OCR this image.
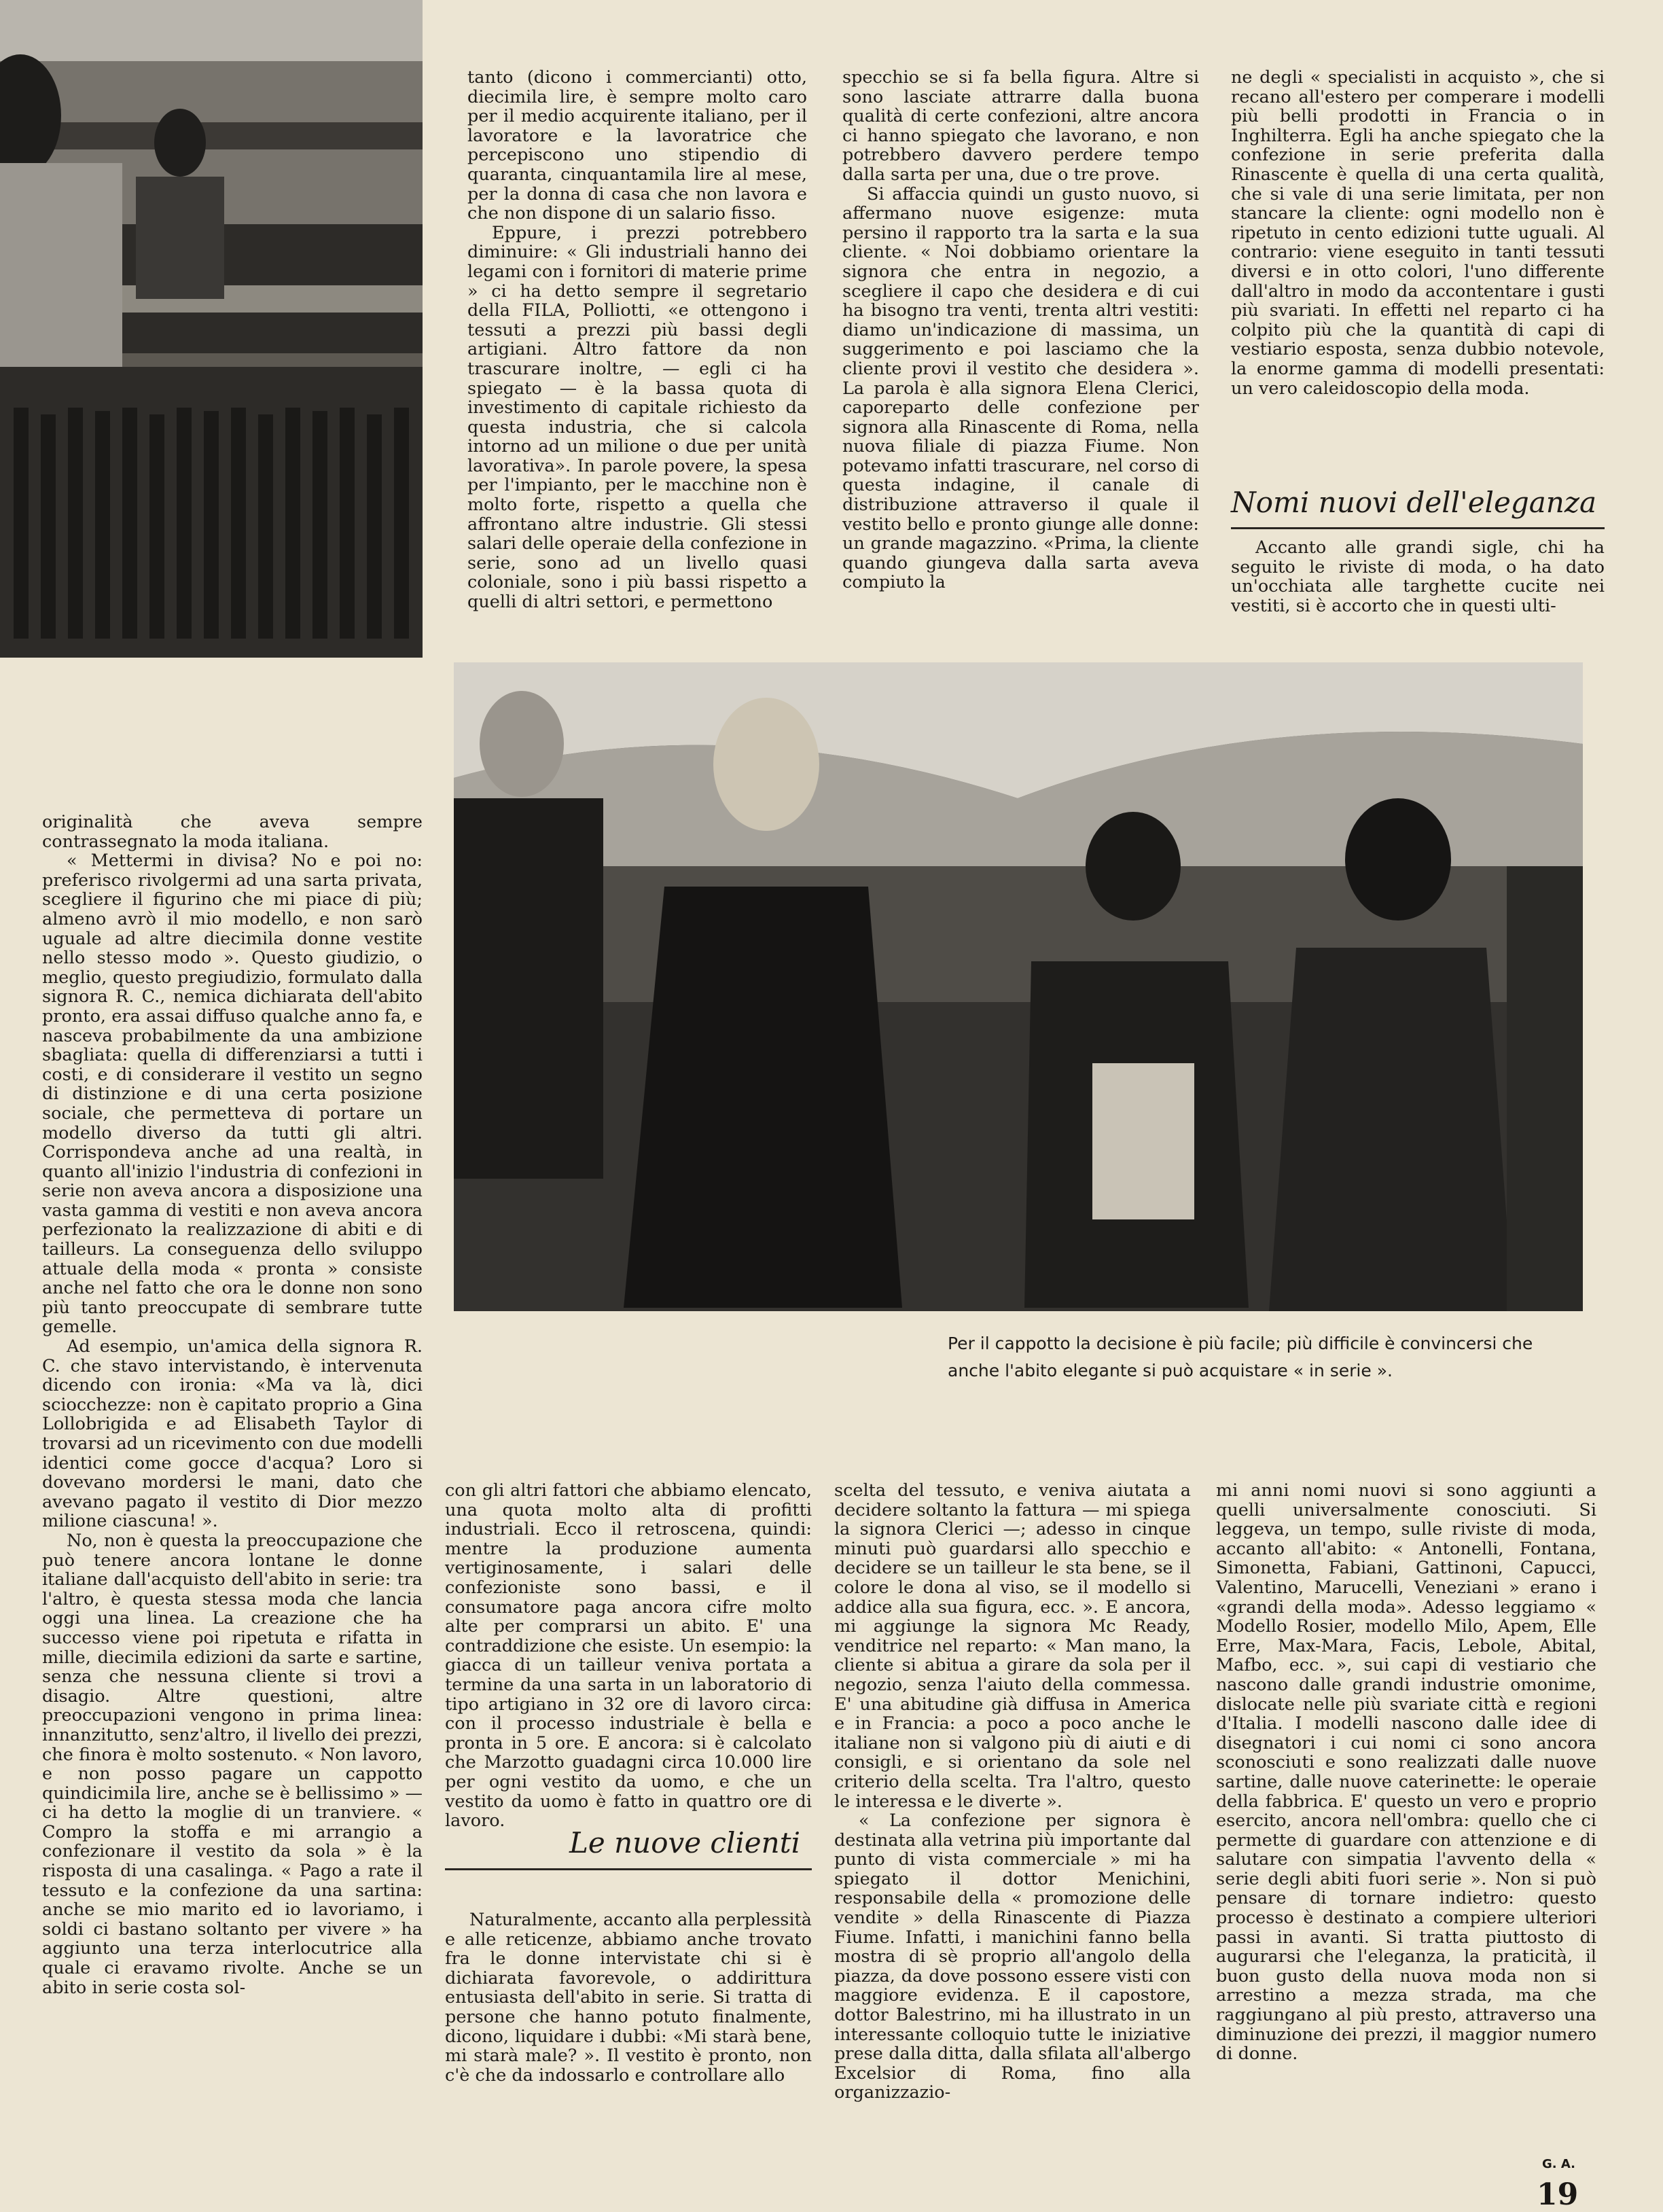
tanto (dicono i commercianti) otto, diecimila lire, è sempre molto caro per il medio acquirente italiano, per il lavoratore e la lavoratrice che percepiscono uno stipendio di quaranta, cinquantamila lire al mese, per la donna di casa che non lavora e che non dispone di un salario fisso.

Eppure, i prezzi potrebbero diminuire: « Gli industriali hanno dei legami con i fornitori di materie prime » ci ha detto sempre il segretario della FILA, Polliotti, «e ottengono i tessuti a prezzi più bassi degli artigiani. Altro fattore da non trascurare inoltre, — egli ci ha spiegato — è la bassa quota di investimento di capitale richiesto da questa industria, che si calcola intorno ad un milione o due per unità lavorativa». In parole povere, la spesa per l'impianto, per le macchine non è molto forte, rispetto a quella che affrontano altre industrie. Gli stessi salari delle operaie della confezione in serie, sono ad un livello quasi coloniale, sono i più bassi rispetto a quelli di altri settori, e permettono

specchio se si fa bella figura. Altre si sono lasciate attrarre dalla buona qualità di certe confezioni, altre ancora ci hanno spiegato che lavorano, e non potrebbero davvero perdere tempo dalla sarta per una, due o tre prove.

Si affaccia quindi un gusto nuovo, si affermano nuove esigenze: muta persino il rapporto tra la sarta e la sua cliente. « Noi dobbiamo orientare la signora che entra in negozio, a scegliere il capo che desidera e di cui ha bisogno tra venti, trenta altri vestiti: diamo un'indicazione di massima, un suggerimento e poi lasciamo che la cliente provi il vestito che desidera ». La parola è alla signora Elena Clerici, caporeparto delle confezione per signora alla Rinascente di Roma, nella nuova filiale di piazza Fiume. Non potevamo infatti trascurare, nel corso di questa indagine, il canale di distribuzione attraverso il quale il vestito bello e pronto giunge alle donne: un grande magazzino. «Prima, la cliente quando giungeva dalla sarta aveva compiuto la

ne degli « specialisti in acquisto », che si recano all'estero per comperare i modelli più belli prodotti in Francia o in Inghilterra. Egli ha anche spiegato che la confezione in serie preferita dalla Rinascente è quella di una certa qualità, che si vale di una serie limitata, per non stancare la cliente: ogni modello non è ripetuto in cento edizioni tutte uguali. Al contrario: viene eseguito in tanti tessuti diversi e in otto colori, l'uno differente dall'altro in modo da accontentare i gusti più svariati. In effetti nel reparto ci ha colpito più che la quantità di capi di vestiario esposta, senza dubbio notevole, la enorme gamma di modelli presentati: un vero caleidoscopio della moda.

Nomi nuovi dell'eleganza

Accanto alle grandi sigle, chi ha seguito le riviste di moda, o ha dato un'occhiata alle targhette cucite nei vestiti, si è accorto che in questi ulti-

Per il cappotto la decisione è più facile; più difficile è convincersi che anche l'abito elegante si può acquistare « in serie ».

originalità che aveva sempre contrassegnato la moda italiana.

« Mettermi in divisa? No e poi no: preferisco rivolgermi ad una sarta privata, scegliere il figurino che mi piace di più; almeno avrò il mio modello, e non sarò uguale ad altre diecimila donne vestite nello stesso modo ». Questo giudizio, o meglio, questo pregiudizio, formulato dalla signora R. C., nemica dichiarata dell'abito pronto, era assai diffuso qualche anno fa, e nasceva probabilmente da una ambizione sbagliata: quella di differenziarsi a tutti i costi, e di considerare il vestito un segno di distinzione e di una certa posizione sociale, che permetteva di portare un modello diverso da tutti gli altri. Corrispondeva anche ad una realtà, in quanto all'inizio l'industria di confezioni in serie non aveva ancora a disposizione una vasta gamma di vestiti e non aveva ancora perfezionato la realizzazione di abiti e di tailleurs. La conseguenza dello sviluppo attuale della moda « pronta » consiste anche nel fatto che ora le donne non sono più tanto preoccupate di sembrare tutte gemelle.

Ad esempio, un'amica della signora R. C. che stavo intervistando, è intervenuta dicendo con ironia: «Ma va là, dici sciocchezze: non è capitato proprio a Gina Lollobrigida e ad Elisabeth Taylor di trovarsi ad un ricevimento con due modelli identici come gocce d'acqua? Loro si dovevano mordersi le mani, dato che avevano pagato il vestito di Dior mezzo milione ciascuna! ».

No, non è questa la preoccupazione che può tenere ancora lontane le donne italiane dall'acquisto dell'abito in serie: tra l'altro, è questa stessa moda che lancia oggi una linea. La creazione che ha successo viene poi ripetuta e rifatta in mille, diecimila edizioni da sarte e sartine, senza che nessuna cliente si trovi a disagio. Altre questioni, altre preoccupazioni vengono in prima linea: innanzitutto, senz'altro, il livello dei prezzi, che finora è molto sostenuto. « Non lavoro, e non posso pagare un cappotto quindicimila lire, anche se è bellissimo » — ci ha detto la moglie di un tranviere. « Compro la stoffa e mi arrangio a confezionare il vestito da sola » è la risposta di una casalinga. « Pago a rate il tessuto e la confezione da una sartina: anche se mio marito ed io lavoriamo, i soldi ci bastano soltanto per vivere » ha aggiunto una terza interlocutrice alla quale ci eravamo rivolte. Anche se un abito in serie costa sol-

con gli altri fattori che abbiamo elencato, una quota molto alta di profitti industriali. Ecco il retroscena, quindi: mentre la produzione aumenta vertiginosamente, i salari delle confezioniste sono bassi, e il consumatore paga ancora cifre molto alte per comprarsi un abito. E' una contraddizione che esiste. Un esempio: la giacca di un tailleur veniva portata a termine da una sarta in un laboratorio di tipo artigiano in 32 ore di lavoro circa: con il processo industriale è bella e pronta in 5 ore. E ancora: si è calcolato che Marzotto guadagni circa 10.000 lire per ogni vestito da uomo, e che un vestito da uomo è fatto in quattro ore di lavoro.

Le nuove clienti

Naturalmente, accanto alla perplessità e alle reticenze, abbiamo anche trovato fra le donne intervistate chi si è dichiarata favorevole, o addirittura entusiasta dell'abito in serie. Si tratta di persone che hanno potuto finalmente, dicono, liquidare i dubbi: «Mi starà bene, mi starà male? ». Il vestito è pronto, non c'è che da indossarlo e controllare allo

scelta del tessuto, e veniva aiutata a decidere soltanto la fattura — mi spiega la signora Clerici —; adesso in cinque minuti può guardarsi allo specchio e decidere se un tailleur le sta bene, se il colore le dona al viso, se il modello si addice alla sua figura, ecc. ». E ancora, mi aggiunge la signora Mc Ready, venditrice nel reparto: « Man mano, la cliente si abitua a girare da sola per il negozio, senza l'aiuto della commessa. E' una abitudine già diffusa in America e in Francia: a poco a poco anche le italiane non si valgono più di aiuti e di consigli, e si orientano da sole nel criterio della scelta. Tra l'altro, questo le interessa e le diverte ».

« La confezione per signora è destinata alla vetrina più importante dal punto di vista commerciale » mi ha spiegato il dottor Menichini, responsabile della « promozione delle vendite » della Rinascente di Piazza Fiume. Infatti, i manichini fanno bella mostra di sè proprio all'angolo della piazza, da dove possono essere visti con maggiore evidenza. E il capostore, dottor Balestrino, mi ha illustrato in un interessante colloquio tutte le iniziative prese dalla ditta, dalla sfilata all'albergo Excelsior di Roma, fino alla organizzazio-

mi anni nomi nuovi si sono aggiunti a quelli universalmente conosciuti. Si leggeva, un tempo, sulle riviste di moda, accanto all'abito: « Antonelli, Fontana, Simonetta, Fabiani, Gattinoni, Capucci, Valentino, Marucelli, Veneziani » erano i «grandi della moda». Adesso leggiamo « Modello Rosier, modello Milo, Apem, Elle Erre, Max-Mara, Facis, Lebole, Abital, Mafbo, ecc. », sui capi di vestiario che nascono dalle grandi industrie omonime, dislocate nelle più svariate città e regioni d'Italia. I modelli nascono dalle idee di disegnatori i cui nomi ci sono ancora sconosciuti e sono realizzati dalle nuove sartine, dalle nuove caterinette: le operaie della fabbrica. E' questo un vero e proprio esercito, ancora nell'ombra: quello che ci permette di guardare con attenzione e di salutare con simpatia l'avvento della « serie degli abiti fuori serie ». Non si può pensare di tornare indietro: questo processo è destinato a compiere ulteriori passi in avanti. Si tratta piuttosto di augurarsi che l'eleganza, la praticità, il buon gusto della nuova moda non si arrestino a mezza strada, ma che raggiungano al più presto, attraverso una diminuzione dei prezzi, il maggior numero di donne.

G. A.
19
